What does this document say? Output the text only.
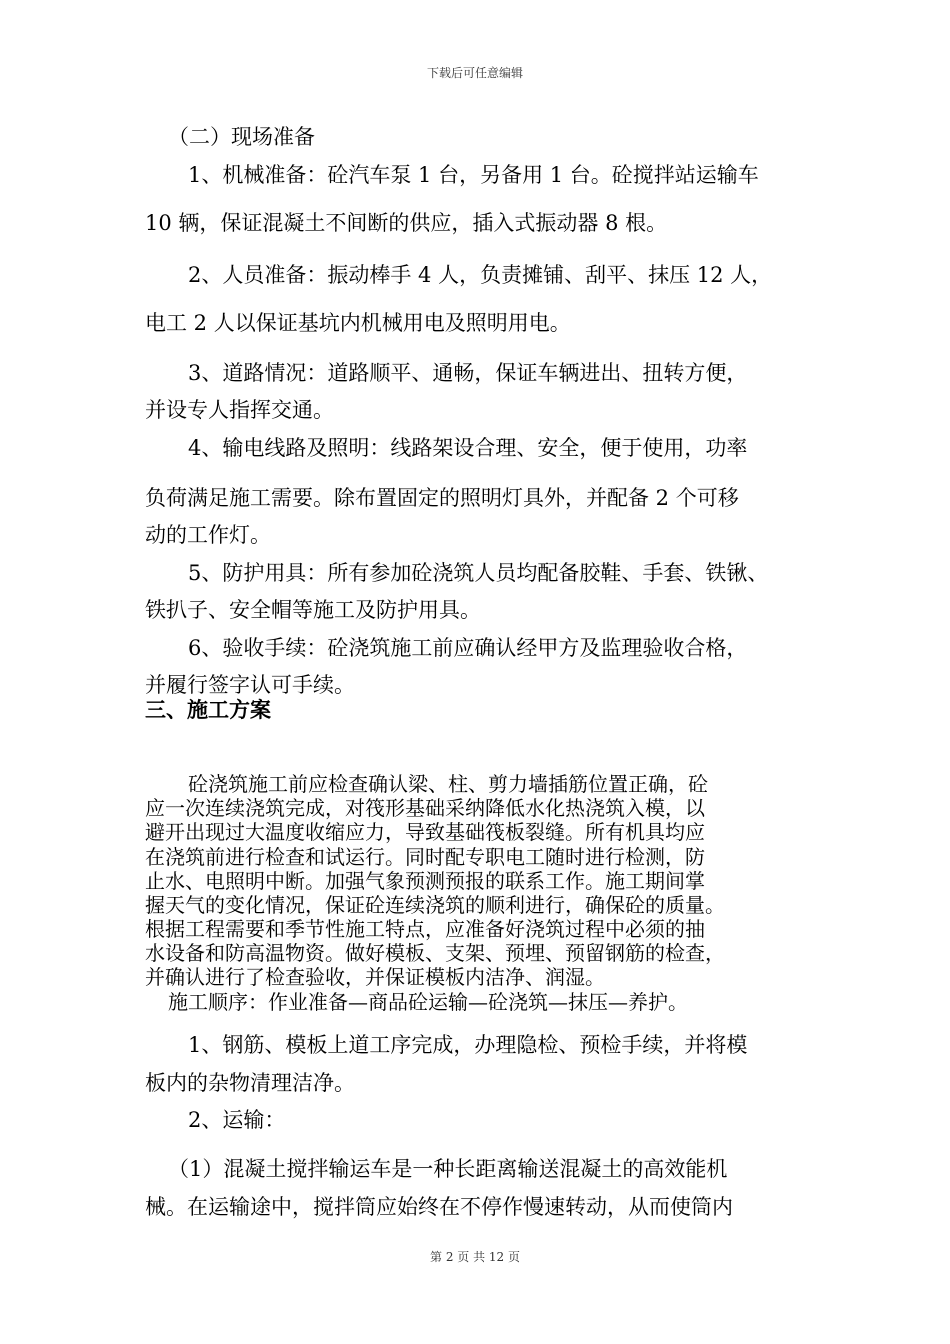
下载后可任意编辑
（二）现场准备
1、机械准备：砼汽车泵 1 台，另备用 1 台。砼搅拌站运输车
10 辆，保证混凝土不间断的供应，插入式振动器 8 根。
2、人员准备：振动棒手 4 人，负责摊铺、刮平、抹压 12 人，
电工 2 人以保证基坑内机械用电及照明用电。
3、道路情况：道路顺平、通畅，保证车辆进出、扭转方便，
并设专人指挥交通。
4、输电线路及照明：线路架设合理、安全，便于使用，功率
负荷满足施工需要。除布置固定的照明灯具外，并配备 2 个可移
动的工作灯。
5、防护用具：所有参加砼浇筑人员均配备胶鞋、手套、铁锹、
铁扒子、安全帽等施工及防护用具。
6、验收手续：砼浇筑施工前应确认经甲方及监理验收合格，
并履行签字认可手续。
三、施工方案
砼浇筑施工前应检查确认梁、柱、剪力墙插筋位置正确，砼
应一次连续浇筑完成，对筏形基础采纳降低水化热浇筑入模，以
避开出现过大温度收缩应力，导致基础筏板裂缝。所有机具均应
在浇筑前进行检查和试运行。同时配专职电工随时进行检测，防
止水、电照明中断。加强气象预测预报的联系工作。施工期间掌
握天气的变化情况，保证砼连续浇筑的顺利进行，确保砼的质量。
根据工程需要和季节性施工特点，应准备好浇筑过程中必须的抽
水设备和防高温物资。做好模板、支架、预埋、预留钢筋的检查，
并确认进行了检查验收，并保证模板内洁净、润湿。
施工顺序：作业准备—商品砼运输—砼浇筑—抹压—养护。
1、钢筋、模板上道工序完成，办理隐检、预检手续，并将模
板内的杂物清理洁净。
2、运输：
（1）混凝土搅拌输运车是一种长距离输送混凝土的高效能机
械。在运输途中，搅拌筒应始终在不停作慢速转动，从而使筒内
第 2 页 共 12 页
